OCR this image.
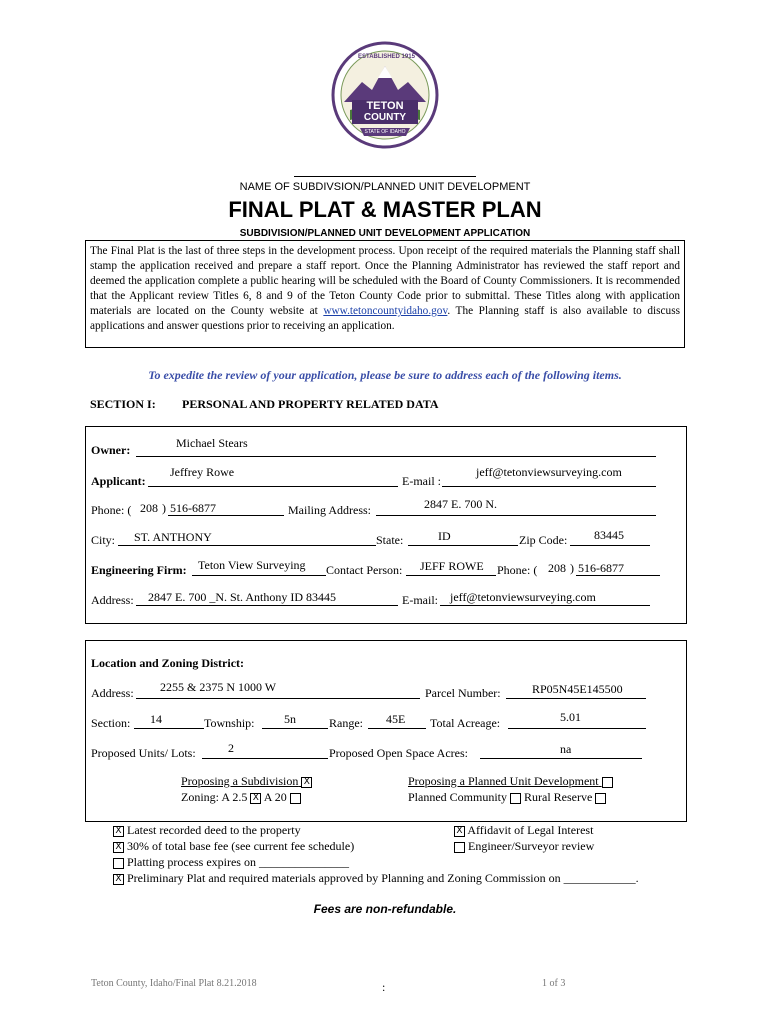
ESTABLISHED 1915
TETON
COUNTY
STATE OF IDAHO
NAME OF SUBDIVSION/PLANNED UNIT DEVELOPMENT
FINAL PLAT & MASTER PLAN
SUBDIVISION/PLANNED UNIT DEVELOPMENT APPLICATION
The Final Plat is the last of three steps in the development process. Upon receipt of the required materials the Planning staff shall stamp the application received and prepare a staff report. Once the Planning Administrator has reviewed the staff report and deemed the application complete a public hearing will be scheduled with the Board of County Commissioners. It is recommended that the Applicant review Titles 6, 8 and 9 of the Teton County Code prior to submittal. These Titles along with application materials are located on the County website at www.tetoncountyidaho.gov. The Planning staff is also available to discuss applications and answer questions prior to receiving an application.
To expedite the review of your application, please be sure to address each of the following items.
SECTION I: PERSONAL AND PROPERTY RELATED DATA
Owner:	Michael Stears
Applicant:
Jeffrey Rowe
E-mail :
jeff@tetonviewsurveying.com
Phone: ( 208 ) 516-6877	Mailing Address:	2847 E. 700 N.
City: ST. ANTHONY	State:	ID	Zip Code: 83445
Engineering Firm: Teton View Surveying Contact Person: JEFF ROWE Phone: ( 208 ) 516-6877
Address: 2847 E. 700 _N. St. Anthony ID 83445	E-mail: jeff@tetonviewsurveying.com
Location and Zoning District:
Address: 2255 & 2375 N 1000 W	Parcel Number:	RP05N45E145500
Section: 14	Township: 5n	Range: 45E Total Acreage:	5.01
Proposed Units/ Lots:	2	Proposed Open Space Acres:	na
Proposing a Subdivision X
Zoning: A 2.5 X A 20
Proposing a Planned Unit Development
Planned Community Rural Reserve
X Latest recorded deed to the property
X 30% of total base fee (see current fee schedule)
Platting process expires on _______________
X Preliminary Plat and required materials approved by Planning and Zoning Commission on ____________.
X Affidavit of Legal Interest
Engineer/Surveyor review
Fees are non-refundable.
Teton County, Idaho/Final Plat 8.21.2018	:	1 of 3
